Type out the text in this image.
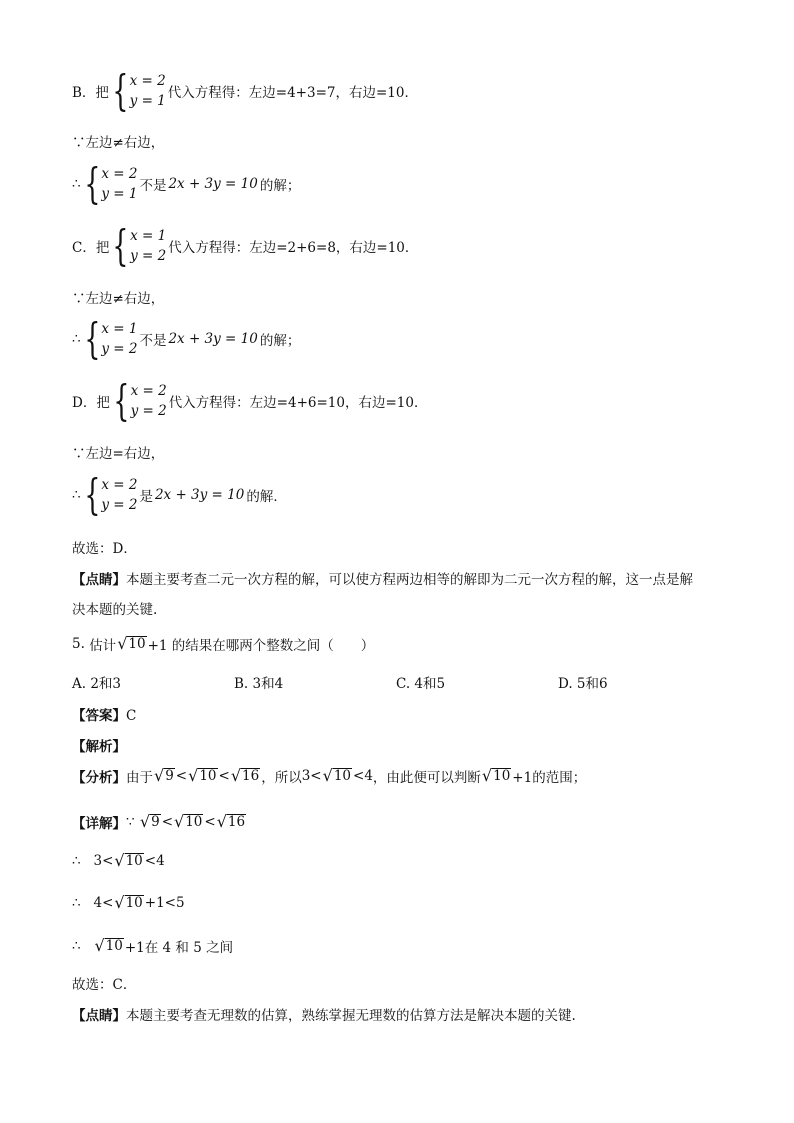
B．把 { x = 2
y = 1 代入方程得：左边=4+3=7，右边=10．
∵左边≠右边，
∴ { x = 2
y = 1 不是 2x + 3y = 10 的解；
C．把 { x = 1
y = 2 代入方程得：左边=2+6=8，右边=10．
∵左边≠右边，
∴ { x = 1
y = 2 不是 2x + 3y = 10 的解；
D．把 { x = 2
y = 2 代入方程得：左边=4+6=10，右边=10．
∵左边=右边，
∴ { x = 2
y = 2 是 2x + 3y = 10 的解．
故选：D．
【点睛】本题主要考查二元一次方程的解，可以使方程两边相等的解即为二元一次方程的解，这一点是解
决本题的关键.
5.
估计 √ 10 +1 的结果在哪两个整数之间（　　）
A. 2和3	B. 3和4	C. 4和5	D. 5和6
【答案】C
【解析】
【分析】 由于 √ 9 < √ 10 < √ 16 ，所以 3 < √ 10 < 4 ，由此便可以判断 √ 10 +1的范围；
【详解】 ∵
√ 9 < √ 10 < √ 16
∴
3 < √ 10 < 4
∴
4 < √ 10 +1 < 5
∴
√ 10 +1在 4 和 5 之间
故选：C．
【点睛】本题主要考查无理数的估算，熟练掌握无理数的估算方法是解决本题的关键.
